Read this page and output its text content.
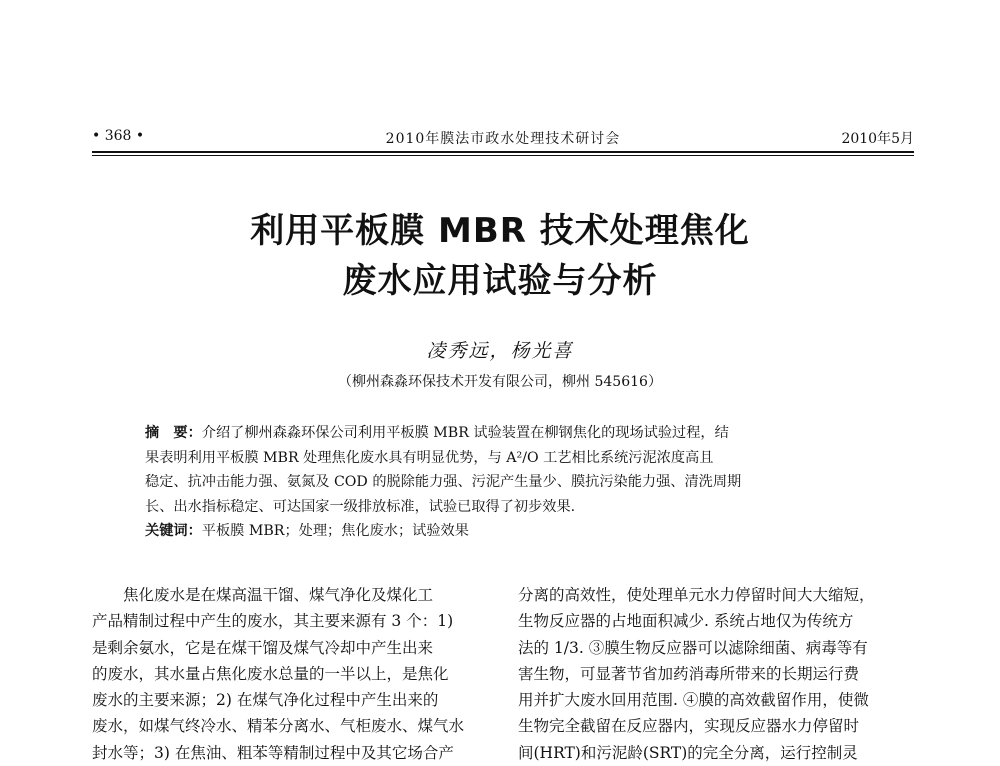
• 368 •	2010年膜法市政水处理技术研讨会	2010年5月
利用平板膜 MBR 技术处理焦化
废水应用试验与分析
凌秀远，杨光喜
（柳州森淼环保技术开发有限公司，柳州 545616）
摘　要：介绍了柳州森淼环保公司利用平板膜 MBR 试验装置在柳钢焦化的现场试验过程，结
果表明利用平板膜 MBR 处理焦化废水具有明显优势，与 A²/O 工艺相比系统污泥浓度高且
稳定、抗冲击能力强、氨氮及 COD 的脱除能力强、污泥产生量少、膜抗污染能力强、清洗周期
长、出水指标稳定、可达国家一级排放标准，试验已取得了初步效果.
关键词：平板膜 MBR；处理；焦化废水；试验效果
　　焦化废水是在煤高温干馏、煤气净化及煤化工
产品精制过程中产生的废水，其主要来源有 3 个：1)
是剩余氨水，它是在煤干馏及煤气冷却中产生出来
的废水，其水量占焦化废水总量的一半以上，是焦化
废水的主要来源；2) 在煤气净化过程中产生出来的
废水，如煤气终冷水、精苯分离水、气柜废水、煤气水
封水等；3) 在焦油、粗苯等精制过程中及其它场合产
分离的高效性，使处理单元水力停留时间大大缩短，
生物反应器的占地面积减少. 系统占地仅为传统方
法的 1/3. ③膜生物反应器可以滤除细菌、病毒等有
害生物，可显著节省加药消毒所带来的长期运行费
用并扩大废水回用范围. ④膜的高效截留作用，使微
生物完全截留在反应器内，实现反应器水力停留时
间(HRT)和污泥龄(SRT)的完全分离，运行控制灵
